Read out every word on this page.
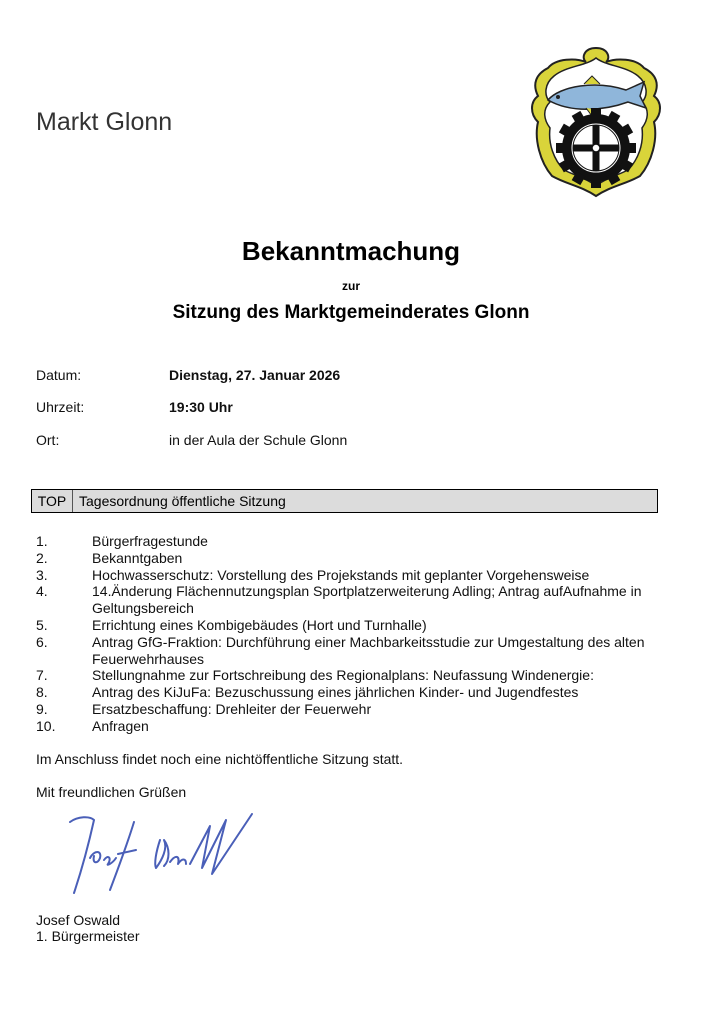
Markt Glonn
Bekanntmachung
zur
Sitzung des Marktgemeinderates Glonn
Datum:	Dienstag, 27. Januar 2026
Uhrzeit:	19:30 Uhr
Ort:	in der Aula der Schule Glonn
TOP Tagesordnung öffentliche Sitzung
1.	Bürgerfragestunde
2.	Bekanntgaben
3.	Hochwasserschutz: Vorstellung des Projekstands mit geplanter Vorgehensweise
4.	14.Änderung Flächennutzungsplan Sportplatzerweiterung Adling; Antrag aufAufnahme in Geltungsbereich
5.	Errichtung eines Kombigebäudes (Hort und Turnhalle)
6.	Antrag GfG-Fraktion: Durchführung einer Machbarkeitsstudie zur Umgestaltung des alten Feuerwehrhauses
7.	Stellungnahme zur Fortschreibung des Regionalplans: Neufassung Windenergie:
8.	Antrag des KiJuFa: Bezuschussung eines jährlichen Kinder- und Jugendfestes
9.	Ersatzbeschaffung: Drehleiter der Feuerwehr
10.	Anfragen
Im Anschluss findet noch eine nichtöffentliche Sitzung statt.
Mit freundlichen Grüßen
Josef Oswald
1. Bürgermeister
